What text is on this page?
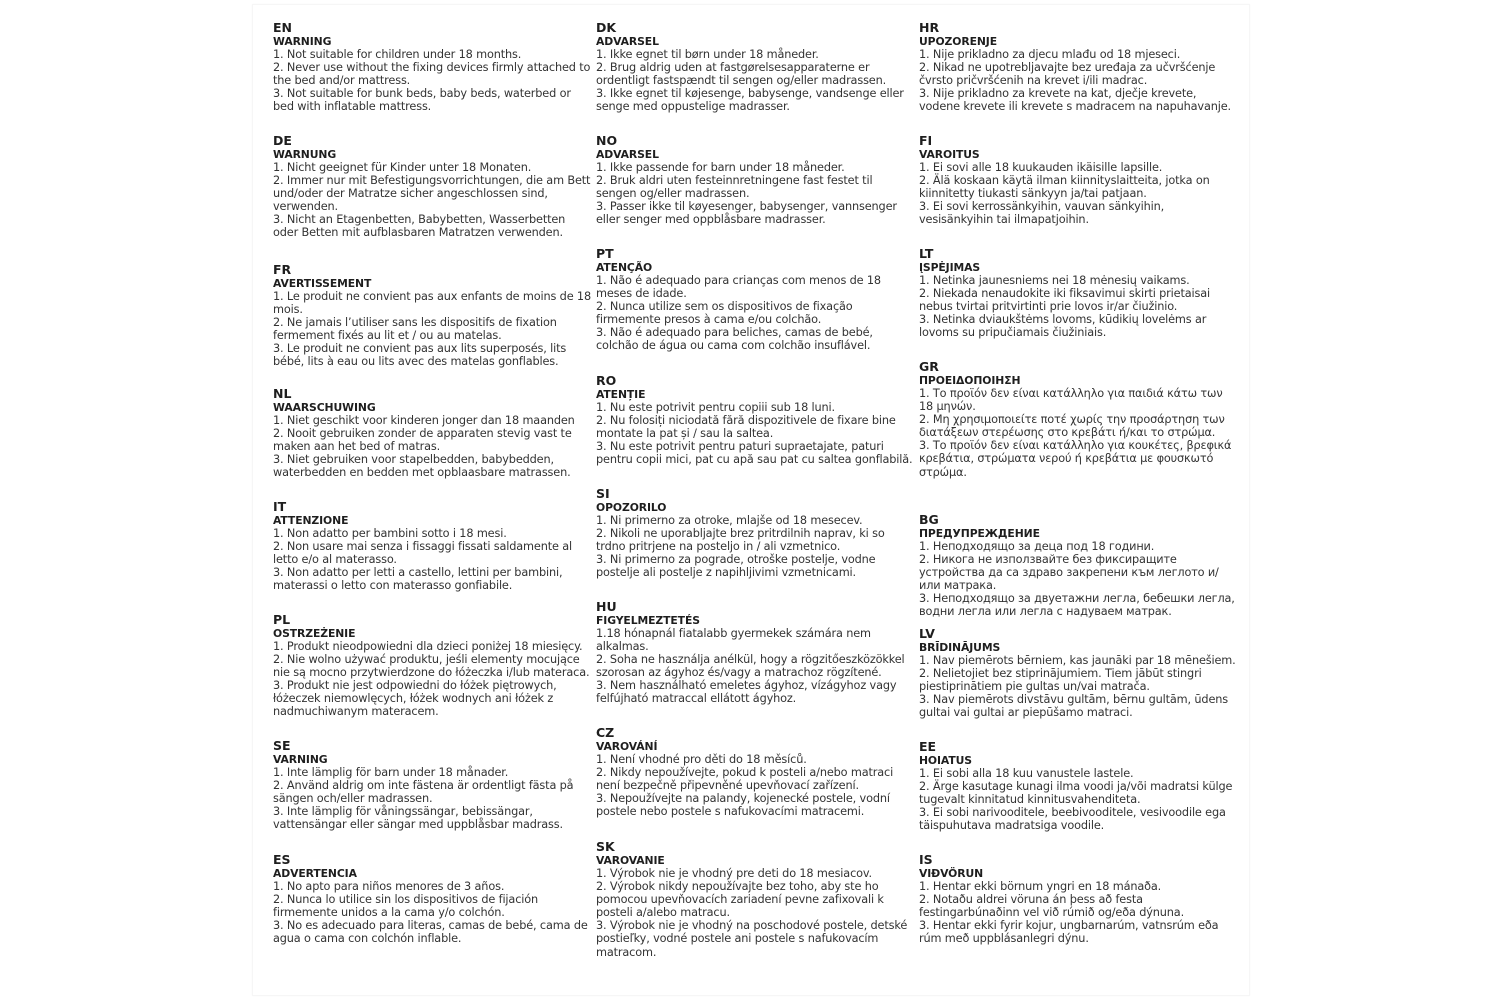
EN
WARNING

1. Not suitable for children under 18 months.

2. Never use without the fixing devices firmly attached to the bed and/or mattress.

3. Not suitable for bunk beds, baby beds, waterbed or bed with inflatable mattress.

DE
WARNUNG

1. Nicht geeignet für Kinder unter 18 Monaten.

2. Immer nur mit Befestigungsvorrichtungen, die am Bett und/oder der Matratze sicher angeschlossen sind, verwenden.

3. Nicht an Etagenbetten, Babybetten, Wasserbetten oder Betten mit aufblasbaren Matratzen verwenden.

FR
AVERTISSEMENT

1. Le produit ne convient pas aux enfants de moins de 18 mois.

2. Ne jamais l’utiliser sans les dispositifs de fixation fermement fixés au lit et / ou au matelas.

3. Le produit ne convient pas aux lits superposés, lits bébé, lits à eau ou lits avec des matelas gonflables.

NL
WAARSCHUWING

1. Niet geschikt voor kinderen jonger dan 18 maanden

2. Nooit gebruiken zonder de apparaten stevig vast te maken aan het bed of matras.

3. Niet gebruiken voor stapelbedden, babybedden, waterbedden en bedden met opblaasbare matrassen.

IT
ATTENZIONE

1. Non adatto per bambini sotto i 18 mesi.

2. Non usare mai senza i fissaggi fissati saldamente al letto e/o al materasso.

3. Non adatto per letti a castello, lettini per bambini, materassi o letto con materasso gonfiabile.

PL
OSTRZEŻENIE

1. Produkt nieodpowiedni dla dzieci poniżej 18 miesięcy.

2. Nie wolno używać produktu, jeśli elementy mocujące nie są mocno przytwierdzone do łóżeczka i/lub materaca.

3. Produkt nie jest odpowiedni do łóżek piętrowych, łóżeczek niemowlęcych, łóżek wodnych ani łóżek z nadmuchiwanym materacem.

SE
VARNING

1. Inte lämplig för barn under 18 månader.

2. Använd aldrig om inte fästena är ordentligt fästa på sängen och/eller madrassen.

3. Inte lämplig för våningssängar, bebissängar, vattensängar eller sängar med uppblåsbar madrass.

ES
ADVERTENCIA

1. No apto para niños menores de 3 años.

2. Nunca lo utilice sin los dispositivos de fijación firmemente unidos a la cama y/o colchón.

3. No es adecuado para literas, camas de bebé, cama de agua o cama con colchón inflable.

DK
ADVARSEL

1. Ikke egnet til børn under 18 måneder.

2. Brug aldrig uden at fastgørelsesapparaterne er ordentligt fastspændt til sengen og/eller madrassen.

3. Ikke egnet til køjesenge, babysenge, vandsenge eller senge med oppustelige madrasser.

NO
ADVARSEL

1. Ikke passende for barn under 18 måneder.

2. Bruk aldri uten festeinnretningene fast festet til sengen og/eller madrassen.

3. Passer ikke til køyesenger, babysenger, vannsenger eller senger med oppblåsbare madrasser.

PT
ATENÇÃO

1. Não é adequado para crianças com menos de 18 meses de idade.

2. Nunca utilize sem os dispositivos de fixação firmemente presos à cama e/ou colchão.

3. Não é adequado para beliches, camas de bebé, colchão de água ou cama com colchão insuflável.

RO
ATENȚIE

1. Nu este potrivit pentru copiii sub 18 luni.

2. Nu folosiți niciodată fără dispozitivele de fixare bine montate la pat și / sau la saltea.

3. Nu este potrivit pentru paturi supraetajate, paturi pentru copii mici, pat cu apă sau pat cu saltea gonflabilă.

SI
OPOZORILO

1. Ni primerno za otroke, mlajše od 18 mesecev.

2. Nikoli ne uporabljajte brez pritrdilnih naprav, ki so trdno pritrjene na posteljo in / ali vzmetnico.

3. Ni primerno za pograde, otroške postelje, vodne postelje ali postelje z napihljivimi vzmetnicami.

HU
FIGYELMEZTETÉS

1.18 hónapnál fiatalabb gyermekek számára nem alkalmas.

2. Soha ne használja anélkül, hogy a rögzitőeszközökkel szorosan az ágyhoz és/vagy a matrachoz rögzítené.

3. Nem használható emeletes ágyhoz, vízágyhoz vagy felfújható matraccal ellátott ágyhoz.

CZ
VAROVÁNÍ

1. Není vhodné pro děti do 18 měsíců.

2. Nikdy nepoužívejte, pokud k posteli a/nebo matraci není bezpečně připevněné upevňovací zařízení.

3. Nepoužívejte na palandy, kojenecké postele, vodní postele nebo postele s nafukovacími matracemi.

SK
VAROVANIE

1. Výrobok nie je vhodný pre deti do 18 mesiacov.

2. Výrobok nikdy nepoužívajte bez toho, aby ste ho pomocou upevňovacích zariadení pevne zafixovali k posteli a/alebo matracu.

3. Výrobok nie je vhodný na poschodové postele, detské postieľky, vodné postele ani postele s nafukovacím matracom.

HR
UPOZORENJE

1. Nije prikladno za djecu mlađu od 18 mjeseci.

2. Nikad ne upotrebljavajte bez uređaja za učvršćenje čvrsto pričvršćenih na krevet i/ili madrac.

3. Nije prikladno za krevete na kat, dječje krevete, vodene krevete ili krevete s madracem na napuhavanje.

FI
VAROITUS

1. Ei sovi alle 18 kuukauden ikäisille lapsille.

2. Älä koskaan käytä ilman kiinnityslaitteita, jotka on kiinnitetty tiukasti sänkyyn ja/tai patjaan.

3. Ei sovi kerrossänkyihin, vauvan sänkyihin, vesisänkyihin tai ilmapatjoihin.

LT
ĮSPĖJIMAS

1. Netinka jaunesniems nei 18 mėnesių vaikams.

2. Niekada nenaudokite iki fiksavimui skirti prietaisai nebus tvirtai pritvirtinti prie lovos ir/ar čiužinio.

3. Netinka dviaukštėms lovoms, kūdikių lovelėms ar lovoms su pripučiamais čiužiniais.

GR
ΠΡΟΕΙΔΟΠΟΙΗΣΗ

1. Το προϊόν δεν είναι κατάλληλο για παιδιά κάτω των 18 μηνών.

2. Μη χρησιμοποιείτε ποτέ χωρίς την προσάρτηση των διατάξεων στερέωσης στο κρεβάτι ή/και το στρώμα.

3. Το προϊόν δεν είναι κατάλληλο για κουκέτες, βρεφικά κρεβάτια, στρώματα νερού ή κρεβάτια με φουσκωτό στρώμα.

BG
ПРЕДУПРЕЖДЕНИЕ

1. Неподходящо за деца под 18 години.

2. Никога не използвайте без фиксиращите устройства да са здраво закрепени към леглото и/или матрака.

3. Неподходящо за двуетажни легла, бебешки легла, водни легла или легла с надуваем матрак.

LV
BRĪDINĀJUMS

1. Nav piemērots bērniem, kas jaunāki par 18 mēnešiem.

2. Nelietojiet bez stiprinājumiem. Tiem jābūt stingri piestiprinātiem pie gultas un/vai matrača.

3. Nav piemērots divstāvu gultām, bērnu gultām, ūdens gultai vai gultai ar piepūšamo matraci.

EE
HOIATUS

1. Ei sobi alla 18 kuu vanustele lastele.

2. Ärge kasutage kunagi ilma voodi ja/või madratsi külge tugevalt kinnitatud kinnitusvahenditeta.

3. Ei sobi narivooditele, beebivooditele, vesivoodile ega täispuhutava madratsiga voodile.

IS
VIÐVÖRUN

1. Hentar ekki börnum yngri en 18 mánaða.

2. Notaðu aldrei vöruna án þess að festa festingarbúnaðinn vel við rúmið og/eða dýnuna.

3. Hentar ekki fyrir kojur, ungbarnarúm, vatnsrúm eða rúm með uppblásanlegri dýnu.
